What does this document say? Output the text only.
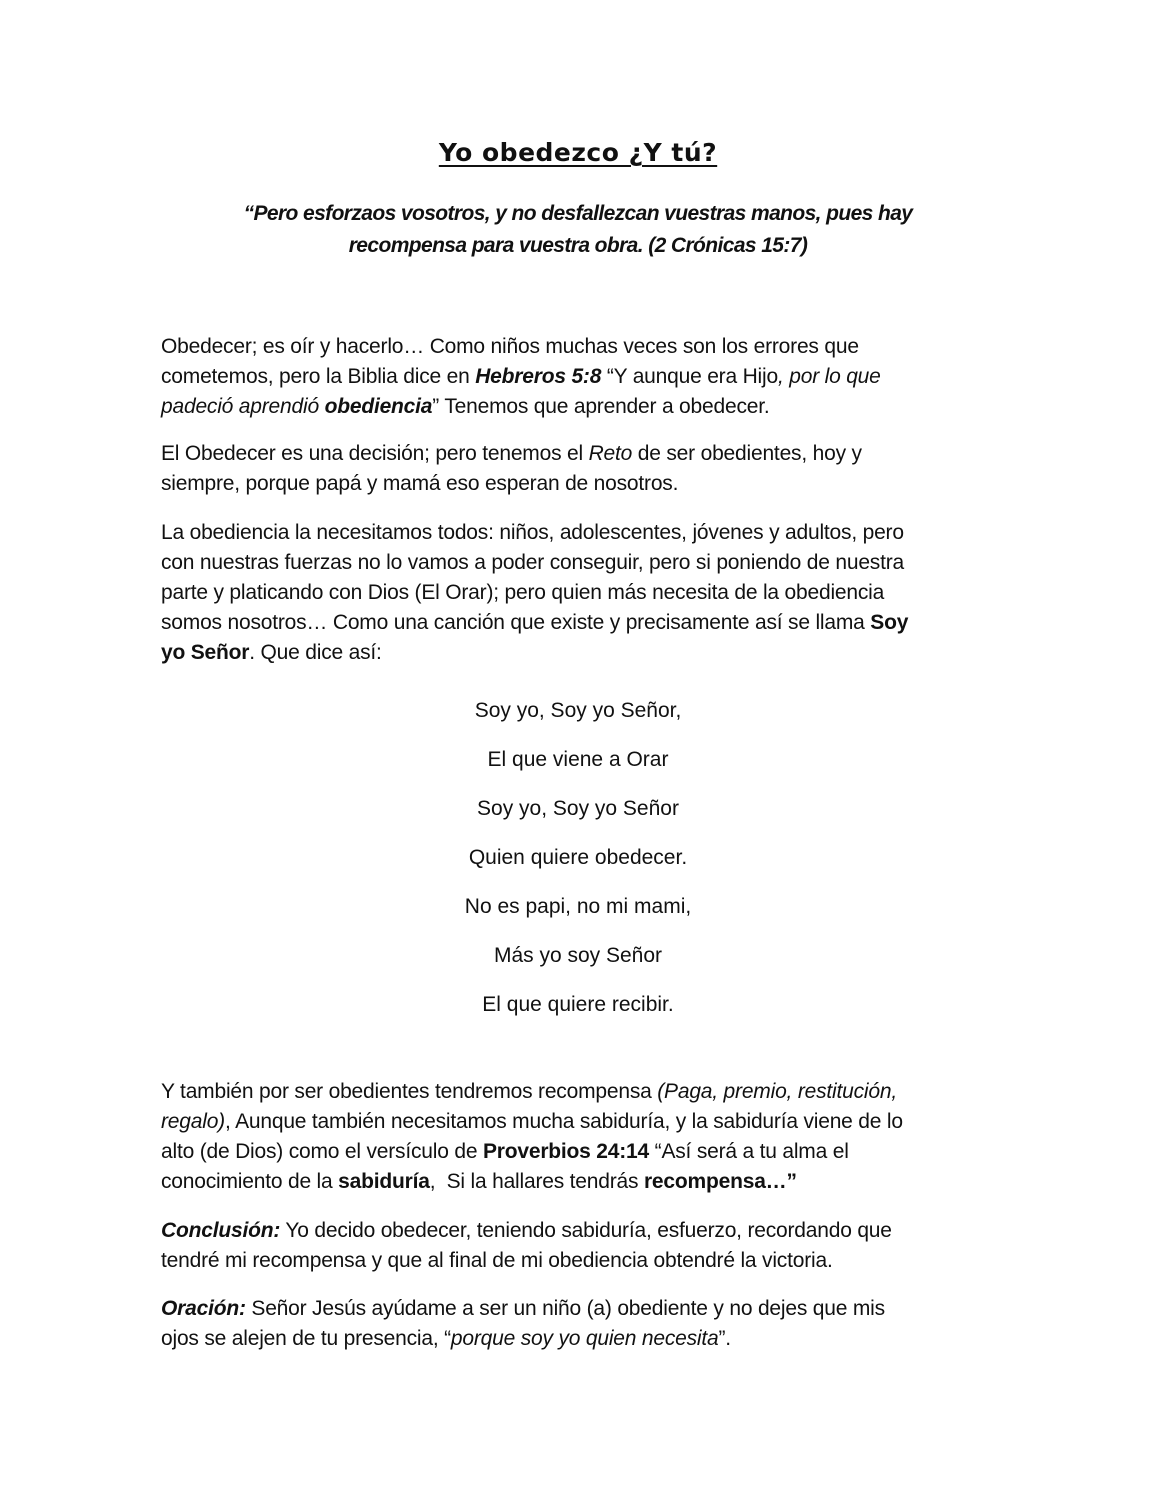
Yo obedezco ¿Y tú?
“Pero esforzaos vosotros, y no desfallezcan vuestras manos, pues hay
recompensa para vuestra obra. (2 Crónicas 15:7)
Obedecer; es oír y hacerlo… Como niños muchas veces son los errores que
cometemos, pero la Biblia dice en Hebreros 5:8 “Y aunque era Hijo, por lo que
padeció aprendió obediencia” Tenemos que aprender a obedecer.
El Obedecer es una decisión; pero tenemos el Reto de ser obedientes, hoy y
siempre, porque papá y mamá eso esperan de nosotros.
La obediencia la necesitamos todos: niños, adolescentes, jóvenes y adultos, pero
con nuestras fuerzas no lo vamos a poder conseguir, pero si poniendo de nuestra
parte y platicando con Dios (El Orar); pero quien más necesita de la obediencia
somos nosotros… Como una canción que existe y precisamente así se llama Soy
yo Señor. Que dice así:
Soy yo, Soy yo Señor,
El que viene a Orar
Soy yo, Soy yo Señor
Quien quiere obedecer.
No es papi, no mi mami,
Más yo soy Señor
El que quiere recibir.
Y también por ser obedientes tendremos recompensa (Paga, premio, restitución,
regalo), Aunque también necesitamos mucha sabiduría, y la sabiduría viene de lo
alto (de Dios) como el versículo de Proverbios 24:14 “Así será a tu alma el
conocimiento de la sabiduría,  Si la hallares tendrás recompensa…”
Conclusión: Yo decido obedecer, teniendo sabiduría, esfuerzo, recordando que
tendré mi recompensa y que al final de mi obediencia obtendré la victoria.
Oración: Señor Jesús ayúdame a ser un niño (a) obediente y no dejes que mis
ojos se alejen de tu presencia, “porque soy yo quien necesita”.
